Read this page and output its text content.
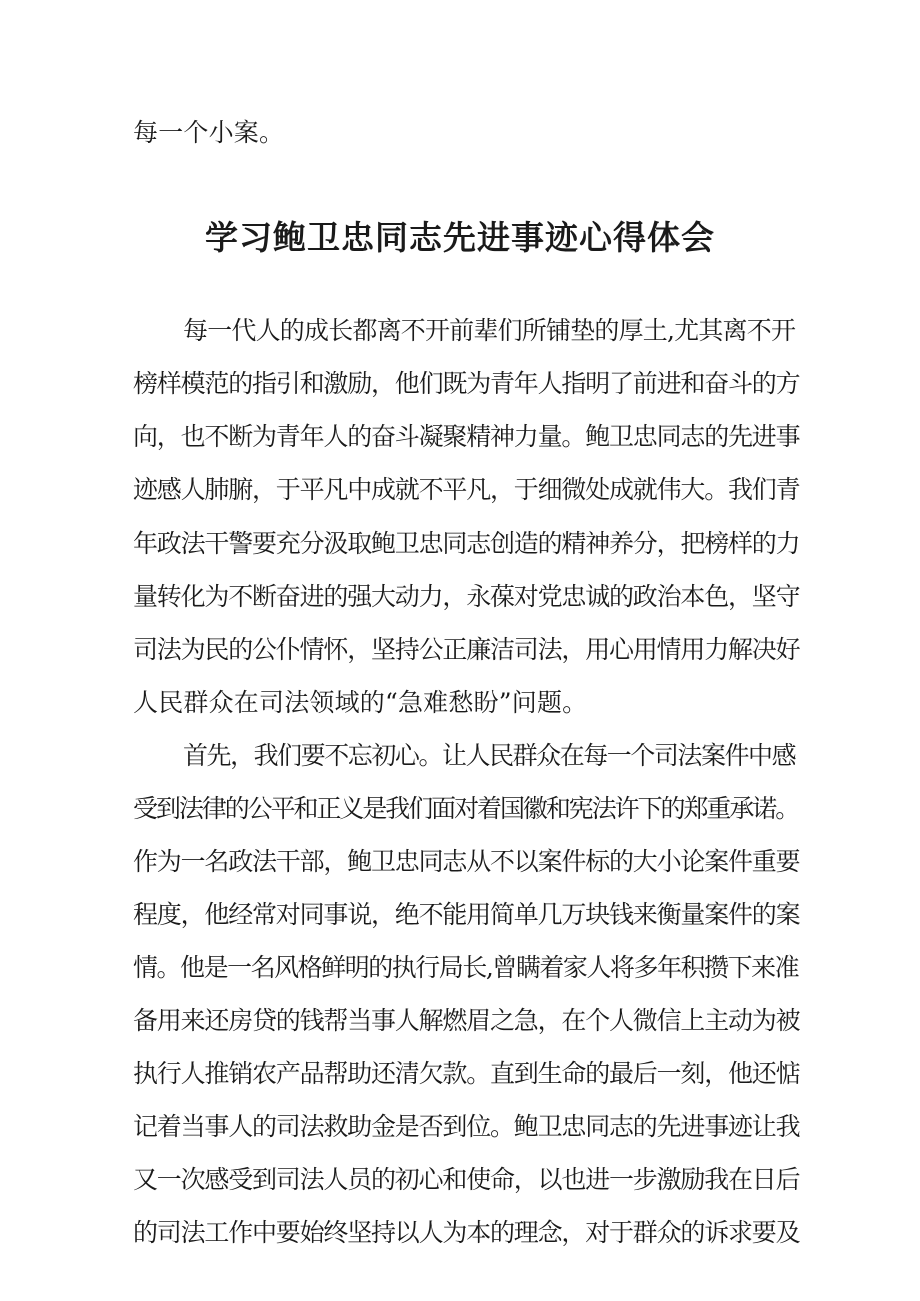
每一个小案。
学习鲍卫忠同志先进事迹心得体会
每一代人的成长都离不开前辈们所铺垫的厚土,尤其离不开
榜样模范的指引和激励，他们既为青年人指明了前进和奋斗的方
向，也不断为青年人的奋斗凝聚精神力量。鲍卫忠同志的先进事
迹感人肺腑，于平凡中成就不平凡，于细微处成就伟大。我们青
年政法干警要充分汲取鲍卫忠同志创造的精神养分，把榜样的力
量转化为不断奋进的强大动力，永葆对党忠诚的政治本色，坚守
司法为民的公仆情怀，坚持公正廉洁司法，用心用情用力解决好
人民群众在司法领域的“急难愁盼”问题。
首先，我们要不忘初心。让人民群众在每一个司法案件中感
受到法律的公平和正义是我们面对着国徽和宪法许下的郑重承诺。
作为一名政法干部，鲍卫忠同志从不以案件标的大小论案件重要
程度，他经常对同事说，绝不能用简单几万块钱来衡量案件的案
情。他是一名风格鲜明的执行局长,曾瞒着家人将多年积攒下来准
备用来还房贷的钱帮当事人解燃眉之急，在个人微信上主动为被
执行人推销农产品帮助还清欠款。直到生命的最后一刻，他还惦
记着当事人的司法救助金是否到位。鲍卫忠同志的先进事迹让我
又一次感受到司法人员的初心和使命，以也进一步激励我在日后
的司法工作中要始终坚持以人为本的理念，对于群众的诉求要及
